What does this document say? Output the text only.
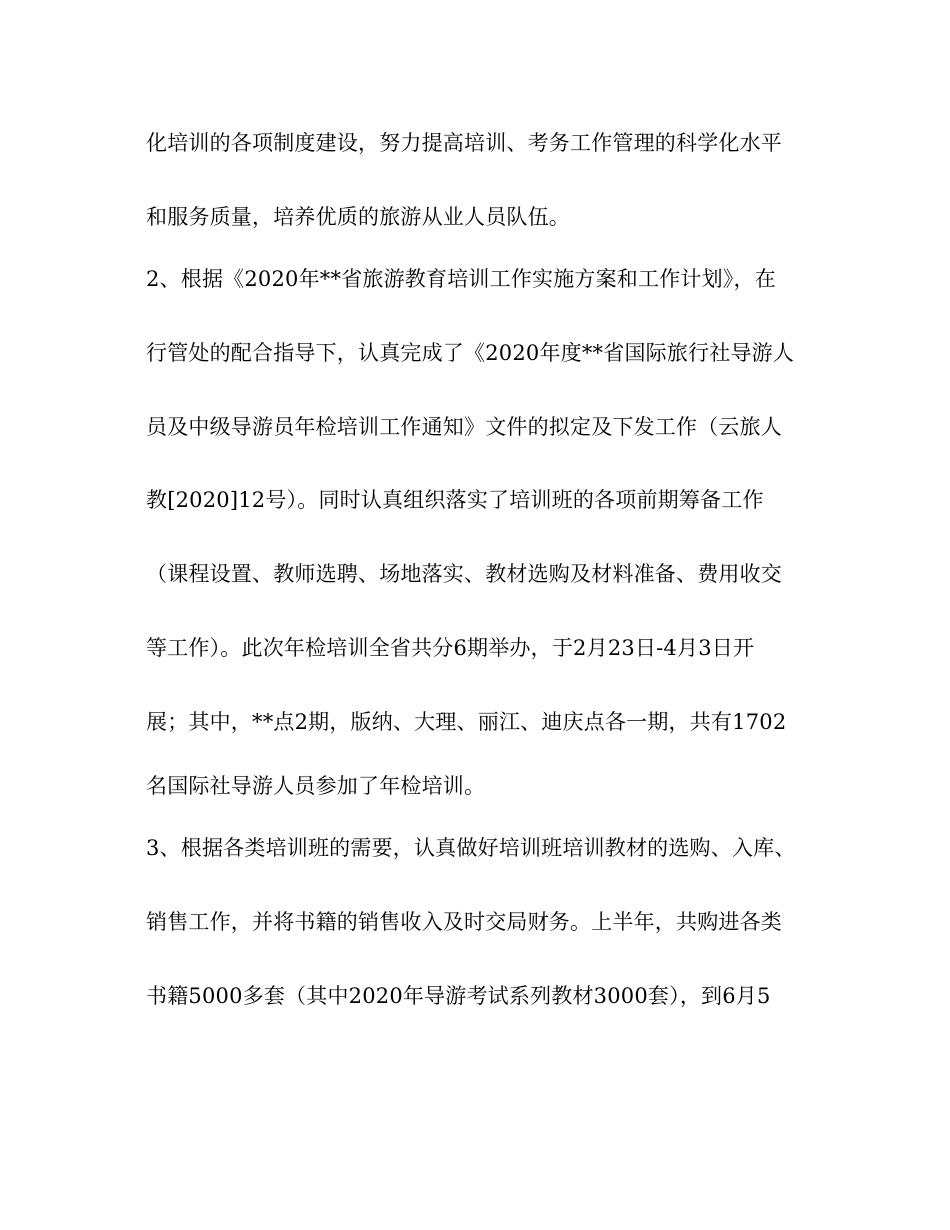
化培训的各项制度建设，努力提高培训、考务工作管理的科学化水平
和服务质量，培养优质的旅游从业人员队伍。
2、根据《2020年**省旅游教育培训工作实施方案和工作计划》，在
行管处的配合指导下，认真完成了《2020年度**省国际旅行社导游人
员及中级导游员年检培训工作通知》文件的拟定及下发工作（云旅人
教[2020]12号）。同时认真组织落实了培训班的各项前期筹备工作
（课程设置、教师选聘、场地落实、教材选购及材料准备、费用收交
等工作）。此次年检培训全省共分6期举办，于2月23日-4月3日开
展；其中，**点2期，版纳、大理、丽江、迪庆点各一期，共有1702
名国际社导游人员参加了年检培训。
3、根据各类培训班的需要，认真做好培训班培训教材的选购、入库、
销售工作，并将书籍的销售收入及时交局财务。上半年，共购进各类
书籍5000多套（其中2020年导游考试系列教材3000套），到6月5
